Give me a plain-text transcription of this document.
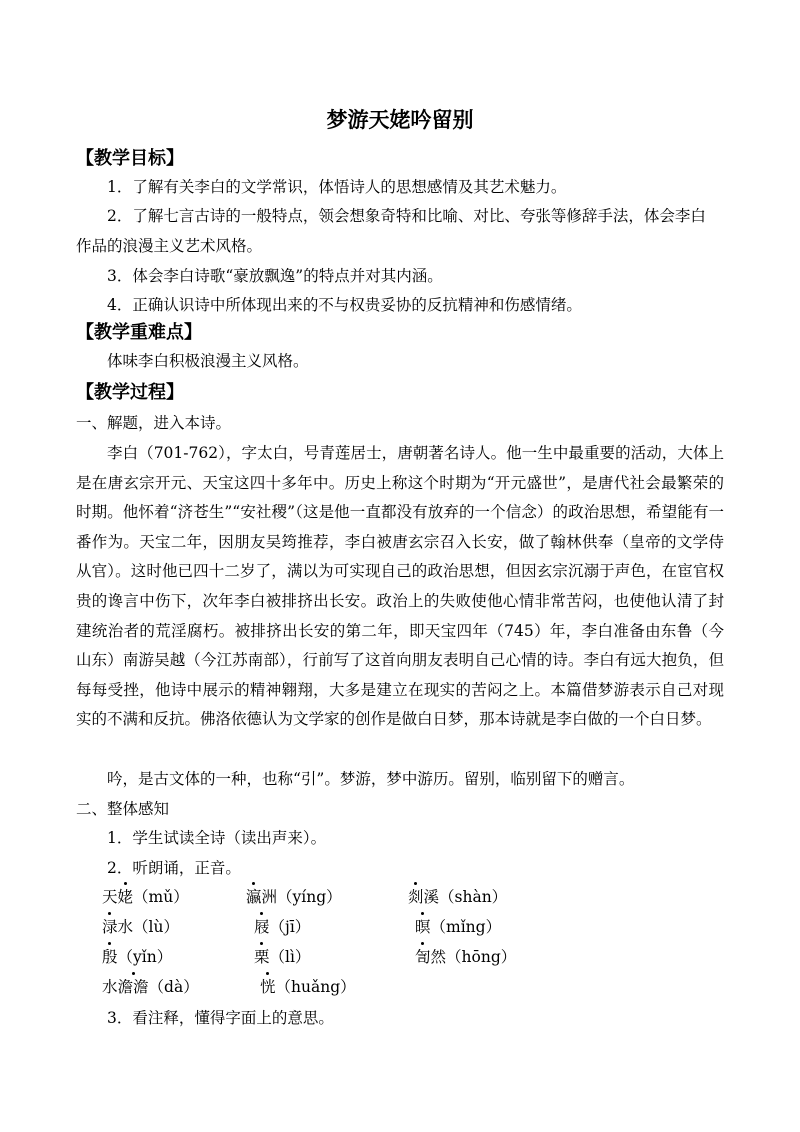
梦游天姥吟留别
【教学目标】
1．了解有关李白的文学常识，体悟诗人的思想感情及其艺术魅力。
2．了解七言古诗的一般特点，领会想象奇特和比喻、对比、夸张等修辞手法，体会李白
作品的浪漫主义艺术风格。
3．体会李白诗歌“豪放飘逸”的特点并对其内涵。
4．正确认识诗中所体现出来的不与权贵妥协的反抗精神和伤感情绪。
【教学重难点】
体味李白积极浪漫主义风格。
【教学过程】
一、解题，进入本诗。
李白（701-762），字太白，号青莲居士，唐朝著名诗人。他一生中最重要的活动，大体上是在唐玄宗开元、天宝这四十多年中。历史上称这个时期为“开元盛世”，是唐代社会最繁荣的时期。他怀着“济苍生”“安社稷”（这是他一直都没有放弃的一个信念）的政治思想，希望能有一番作为。天宝二年，因朋友吴筠推荐，李白被唐玄宗召入长安，做了翰林供奉（皇帝的文学侍从官）。这时他已四十二岁了，满以为可实现自己的政治思想，但因玄宗沉溺于声色，在宦官权贵的谗言中伤下，次年李白被排挤出长安。政治上的失败使他心情非常苦闷，也使他认清了封建统治者的荒淫腐朽。被排挤出长安的第二年，即天宝四年（745）年，李白准备由东鲁（今山东）南游吴越（今江苏南部），行前写了这首向朋友表明自己心情的诗。李白有远大抱负，但每每受挫，他诗中展示的精神翱翔，大多是建立在现实的苦闷之上。本篇借梦游表示自己对现实的不满和反抗。佛洛依德认为文学家的创作是做白日梦，那本诗就是李白做的一个白日梦。
吟，是古文体的一种，也称“引”。梦游，梦中游历。留别，临别留下的赠言。
二、整体感知
1．学生试读全诗（读出声来）。
2．听朗诵，正音。
天姥（mǔ）	瀛洲（yíng）	剡溪（shàn）
渌水（lù）	屐（jī）	暝（mǐng）
殷（yǐn）	栗（lì）	訇然（hōng）
水澹澹（dà）	恍（huǎng）
3．看注释，懂得字面上的意思。
